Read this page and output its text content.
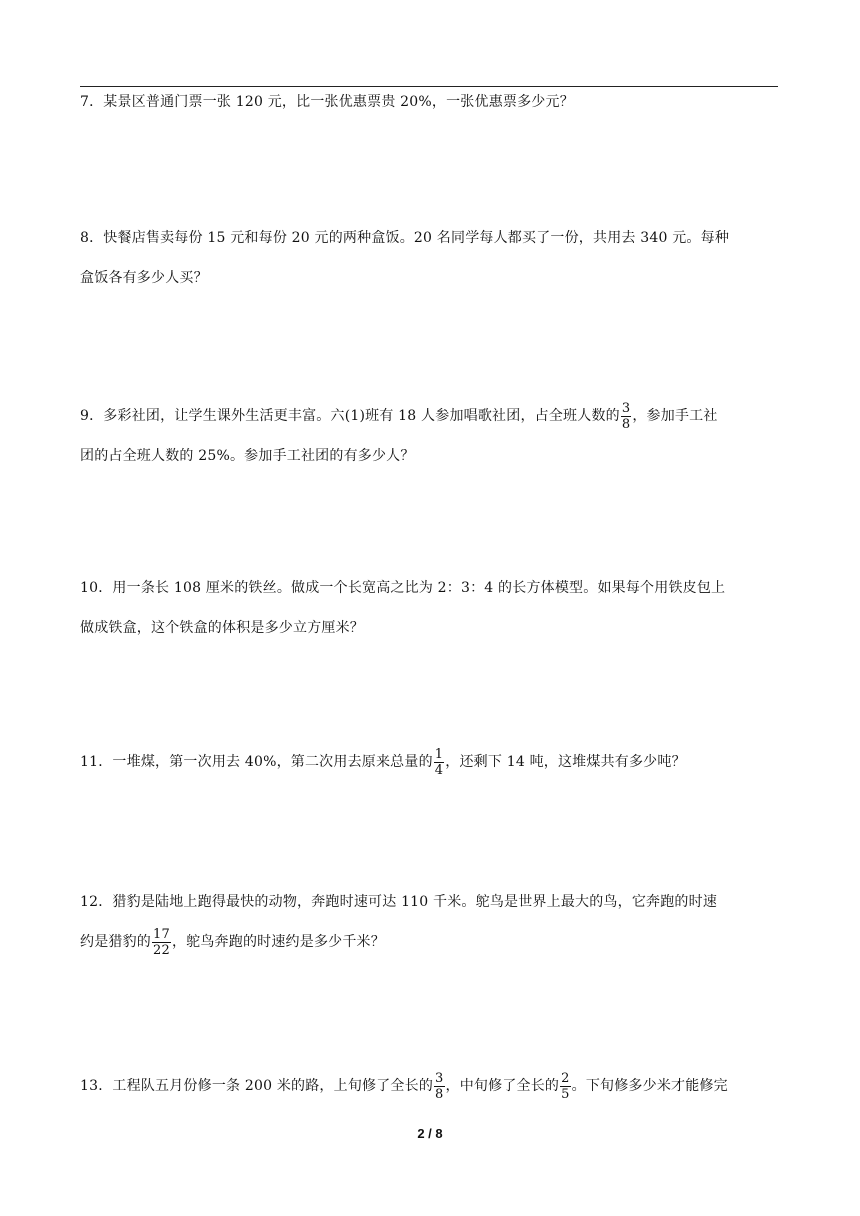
7．某景区普通门票一张 120 元，比一张优惠票贵 20%，一张优惠票多少元？
8．快餐店售卖每份 15 元和每份 20 元的两种盒饭。20 名同学每人都买了一份，共用去 340 元。每种
盒饭各有多少人买？
9．多彩社团，让学生课外生活更丰富。六(1)班有 18 人参加唱歌社团，占全班人数的 $\frac{3}{8}$ ，参加手工社
团的占全班人数的 25%。参加手工社团的有多少人？
10．用一条长 108 厘米的铁丝。做成一个长宽高之比为 2：3：4 的长方体模型。如果每个用铁皮包上
做成铁盒，这个铁盒的体积是多少立方厘米？
11．一堆煤，第一次用去 40%，第二次用去原来总量的 $\frac{1}{4}$ ，还剩下 14 吨，这堆煤共有多少吨？
12．猎豹是陆地上跑得最快的动物，奔跑时速可达 110 千米。鸵鸟是世界上最大的鸟，它奔跑的时速
约是猎豹的 $\frac{17}{22}$ ，鸵鸟奔跑的时速约是多少千米？
13．工程队五月份修一条 200 米的路，上旬修了全长的 $\frac{3}{8}$ ，中旬修了全长的 $\frac{2}{5}$ 。下旬修多少米才能修完
2 / 8
